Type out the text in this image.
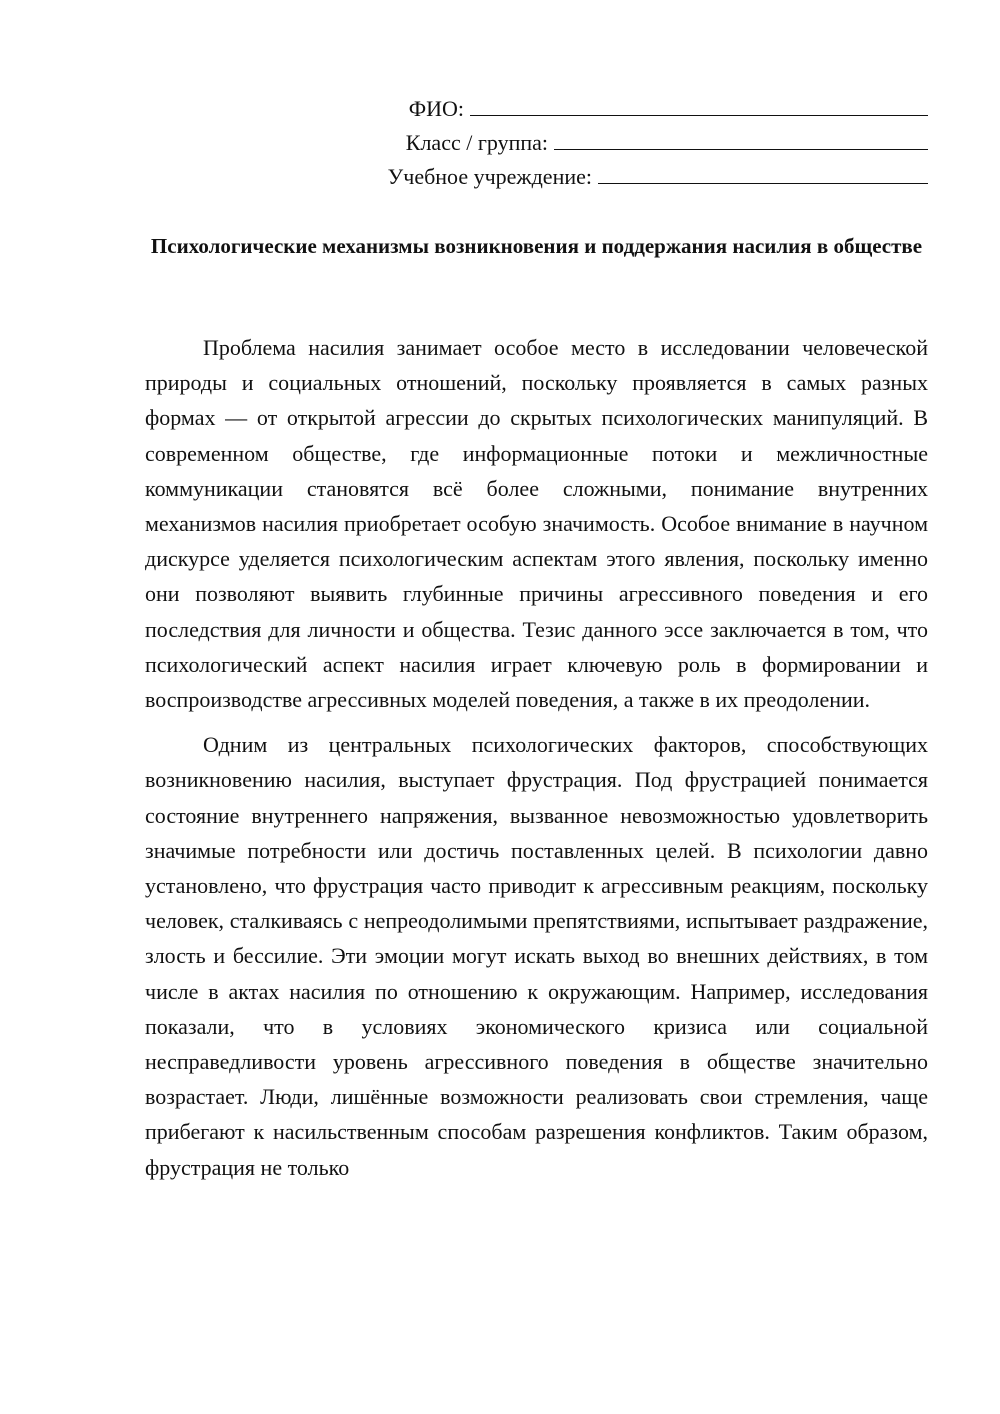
ФИО:
Класс / группа:
Учебное учреждение:
Психологические механизмы возникновения и поддержания насилия в обществе

Проблема насилия занимает особое место в исследовании человеческой природы и социальных отношений, поскольку проявляется в самых разных формах — от открытой агрессии до скрытых психологических манипуляций. В современном обществе, где информационные потоки и межличностные коммуникации становятся всё более сложными, понимание внутренних механизмов насилия приобретает особую значимость. Особое внимание в научном дискурсе уделяется психологическим аспектам этого явления, поскольку именно они позволяют выявить глубинные причины агрессивного поведения и его последствия для личности и общества. Тезис данного эссе заключается в том, что психологический аспект насилия играет ключевую роль в формировании и воспроизводстве агрессивных моделей поведения, а также в их преодолении.

Одним из центральных психологических факторов, способствующих возникновению насилия, выступает фрустрация. Под фрустрацией понимается состояние внутреннего напряжения, вызванное невозможностью удовлетворить значимые потребности или достичь поставленных целей. В психологии давно установлено, что фрустрация часто приводит к агрессивным реакциям, поскольку человек, сталкиваясь с непреодолимыми препятствиями, испытывает раздражение, злость и бессилие. Эти эмоции могут искать выход во внешних действиях, в том числе в актах насилия по отношению к окружающим. Например, исследования показали, что в условиях экономического кризиса или социальной несправедливости уровень агрессивного поведения в обществе значительно возрастает. Люди, лишённые возможности реализовать свои стремления, чаще прибегают к насильственным способам разрешения конфликтов. Таким образом, фрустрация не только
